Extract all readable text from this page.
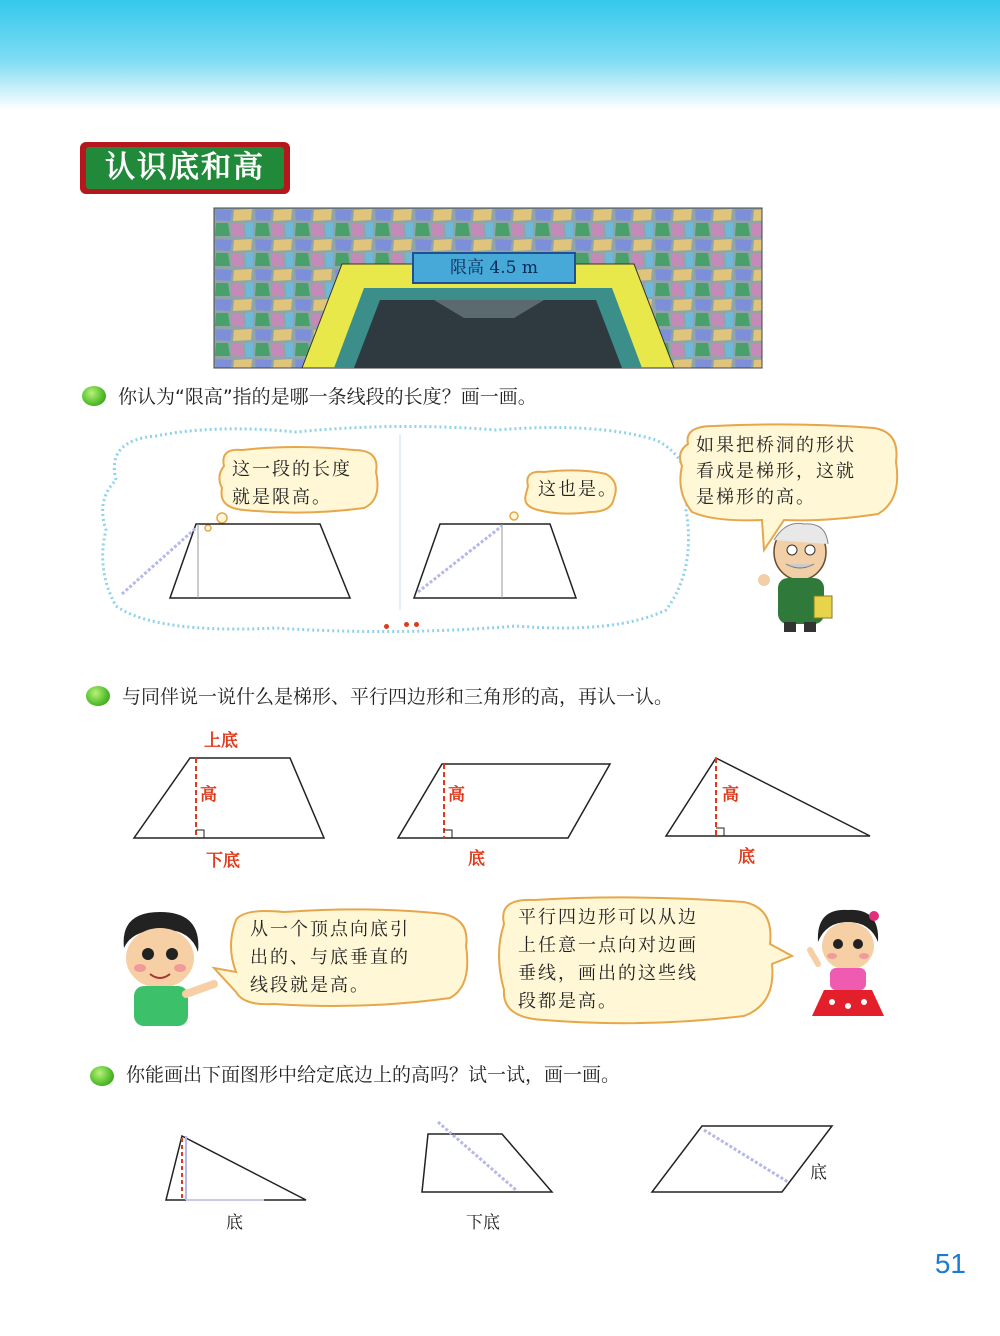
认识底和高
限高 4.5 m
你认为“限高”指的是哪一条线段的长度？画一画。
这一段的长度
就是限高。	这也是。
如果把桥洞的形状
看成是梯形，这就
是梯形的高。
与同伴说一说什么是梯形、平行四边形和三角形的高，再认一认。
上底
高
下底
高
底
高
底
从一个顶点向底引
出的、与底垂直的
线段就是高。
平行四边形可以从边
上任意一点向对边画
垂线，画出的这些线
段都是高。
你能画出下面图形中给定底边上的高吗？试一试，画一画。
底	下底
底
51
